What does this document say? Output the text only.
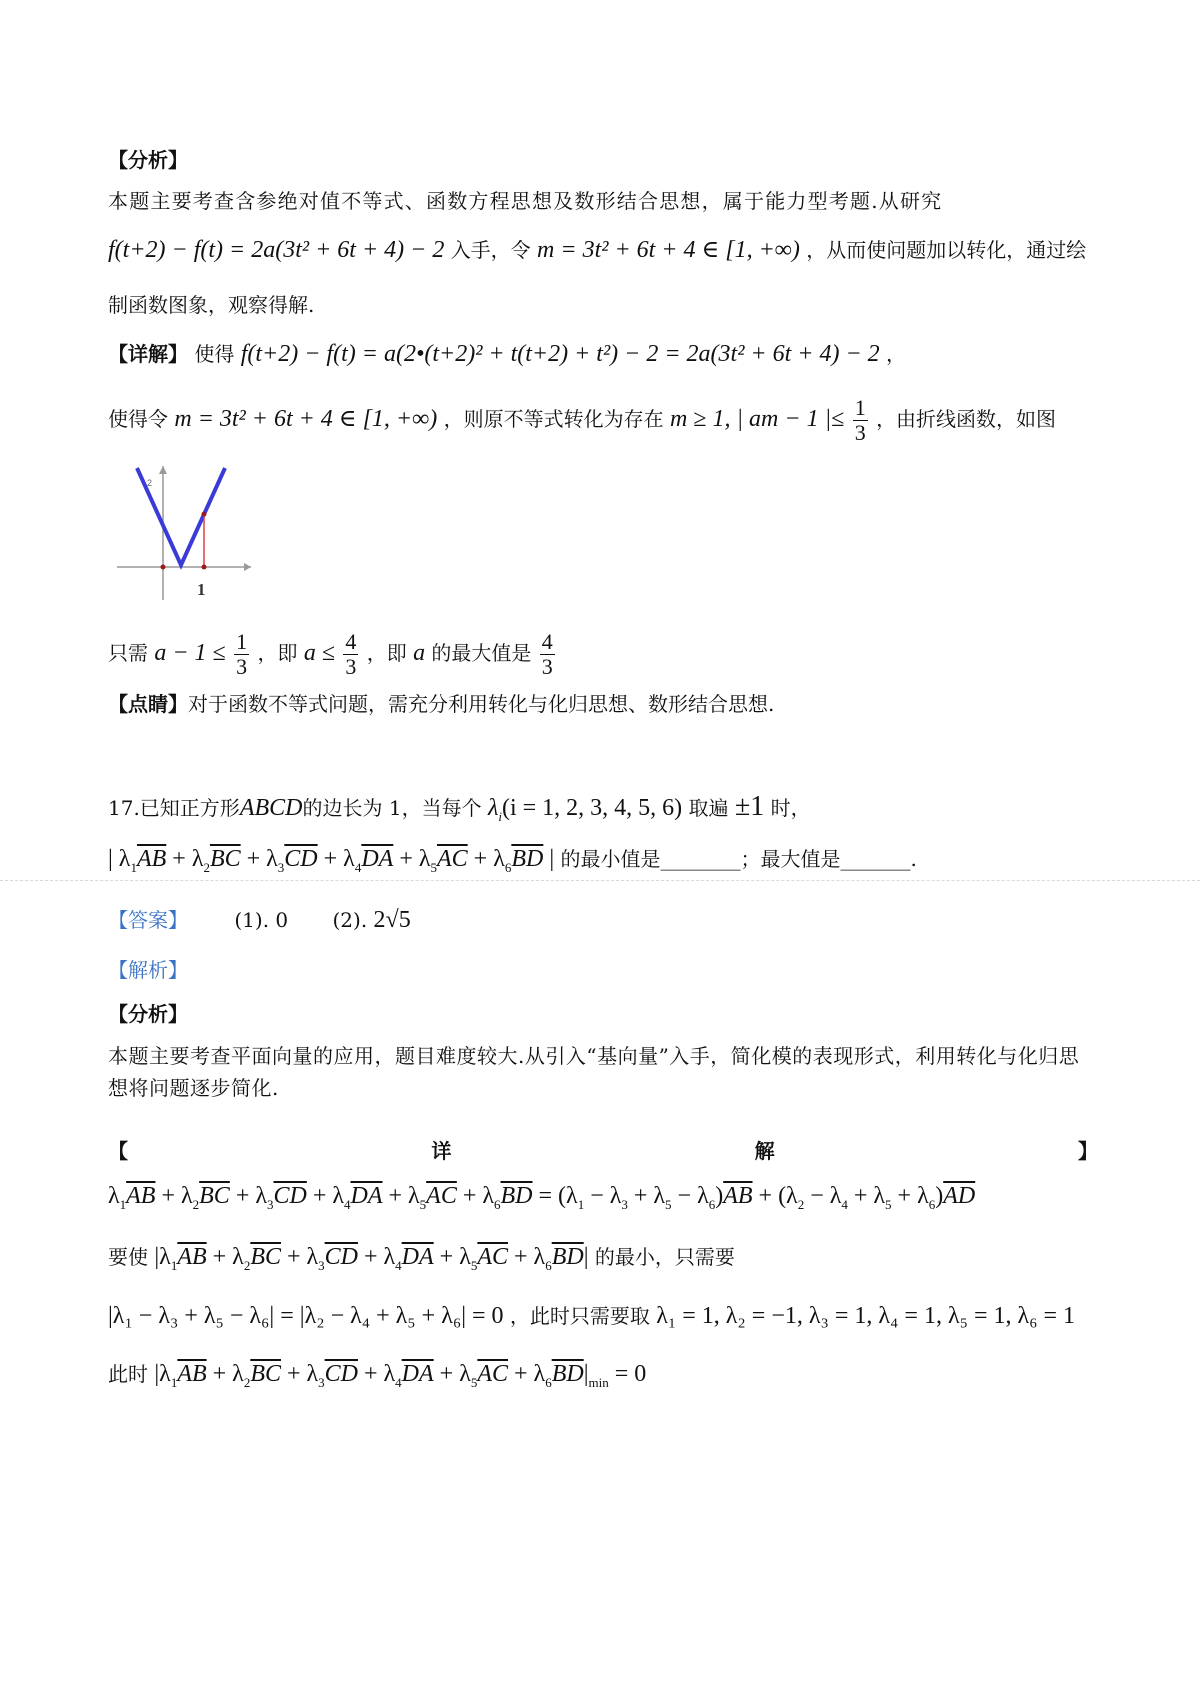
【分析】
本题主要考查含参绝对值不等式、函数方程思想及数形结合思想，属于能力型考题.从研究
f(t+2) − f(t) = 2a(3t² + 6t + 4) − 2 入手，令 m = 3t² + 6t + 4 ∈ [1, +∞) ，从而使问题加以转化，通过绘
制函数图象，观察得解.
【详解】 使得 f(t+2) − f(t) = a(2•(t+2)² + t(t+2) + t²) − 2 = 2a(3t² + 6t + 4) − 2 ，
使得令 m = 3t² + 6t + 4 ∈ [1, +∞) ，则原不等式转化为存在 m ≥ 1, | am − 1 |≤ $\frac{1}{3}$ ，由折线函数，如图
2
1
只需 $a - 1 \le \frac{1}{3}$ ，即 $a \le \frac{4}{3}$ ，即 a 的最大值是 $\frac{4}{3}$
【点睛】对于函数不等式问题，需充分利用转化与化归思想、数形结合思想.
17.已知正方形ABCD的边长为 1，当每个 $\lambda_i(i = 1$, 2, 3, 4, 5, 6) 取遍 ±1 时，
| $\lambda_1\overline{AB} + \lambda_2\overline{BC} + \lambda_3\overline{CD} + \lambda_4\overline{DA} + \lambda_5\overline{AC} + \lambda_6\overline{BD}$ | 的最小值是________；最大值是_______.
【答案】 (1). 0 (2). 2√5
【解析】
【分析】
本题主要考查平面向量的应用，题目难度较大.从引入“基向量”入手，简化模的表现形式，利用转化与化归思想将问题逐步简化.
【	详	解	】
$\lambda_1\overline{AB} + \lambda_2\overline{BC} + \lambda_3\overline{CD} + \lambda_4\overline{DA} + \lambda_5\overline{AC} + \lambda_6\overline{BD} = (\lambda_1 - \lambda_3 + \lambda_5 - \lambda_6)\overline{AB} + (\lambda_2 - \lambda_4 + \lambda_5 + \lambda_6)\overline{AD}$
要使 $|\lambda_1\overline{AB} + \lambda_2\overline{BC} + \lambda_3\overline{CD} + \lambda_4\overline{DA} + \lambda_5\overline{AC} + \lambda_6\overline{BD}|$ 的最小，只需要
|λ₁ − λ₃ + λ₅ − λ₆| = |λ₂ − λ₄ + λ₅ + λ₆| = 0 ，此时只需要取 λ₁ = 1, λ₂ = −1, λ₃ = 1, λ₄ = 1, λ₅ = 1, λ₆ = 1
此时 $|\lambda_1\overline{AB} + \lambda_2\overline{BC} + \lambda_3\overline{CD} + \lambda_4\overline{DA} + \lambda_5\overline{AC} + \lambda_6\overline{BD}|_{min} = 0$
